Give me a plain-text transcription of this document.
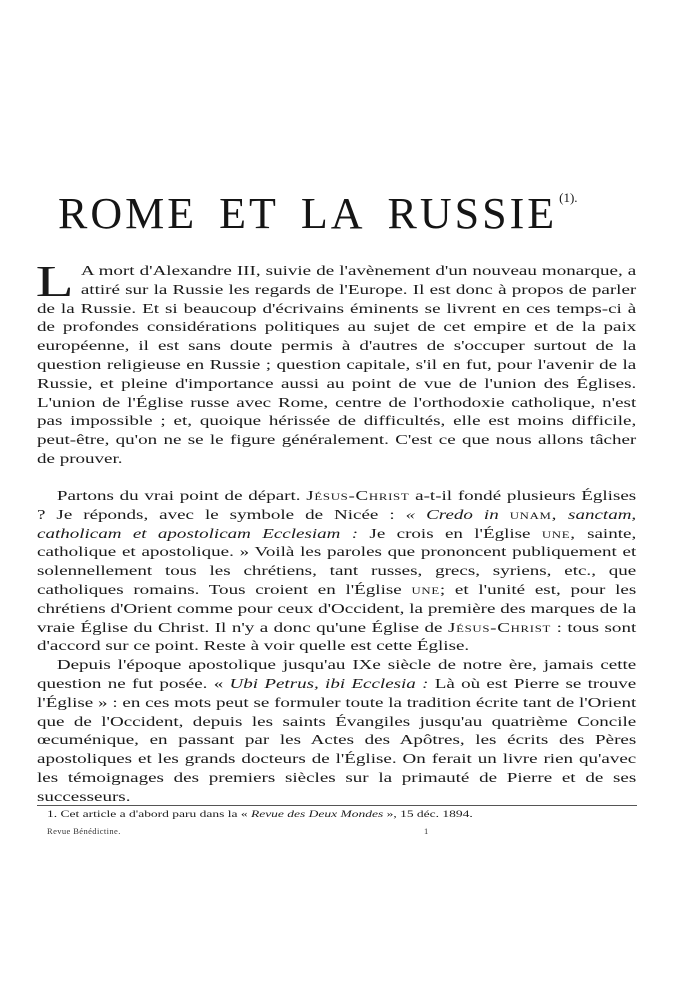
ROME ET LA RUSSIE $^{(1).}$

L A mort d'Alexandre III, suivie de l'avènement d'un nouveau monarque, a attiré sur la Russie les regards de l'Europe. Il est donc à propos de parler de la Russie. Et si beaucoup d'écrivains éminents se livrent en ces temps-ci à de profondes considérations politiques au sujet de cet empire et de la paix européenne, il est sans doute permis à d'autres de s'occuper surtout de la question religieuse en Russie ; question capitale, s'il en fut, pour l'avenir de la Russie, et pleine d'importance aussi au point de vue de l'union des Églises. L'union de l'Église russe avec Rome, centre de l'orthodoxie catholique, n'est pas impossible ; et, quoique hérissée de difficultés, elle est moins difficile, peut-être, qu'on ne se le figure généralement. C'est ce que nous allons tâcher de prouver.

Partons du vrai point de départ. Jésus-Christ a-t-il fondé plusieurs Églises ? Je réponds, avec le symbole de Nicée : « Credo in unam, sanctam, catholicam et apostolicam Ecclesiam : Je crois en l'Église une, sainte, catholique et apostolique. » Voilà les paroles que prononcent publiquement et solennellement tous les chrétiens, tant russes, grecs, syriens, etc., que catholiques romains. Tous croient en l'Église une; et l'unité est, pour les chrétiens d'Orient comme pour ceux d'Occident, la première des marques de la vraie Église du Christ. Il n'y a donc qu'une Église de Jésus-Christ : tous sont d'accord sur ce point. Reste à voir quelle est cette Église.

Depuis l'époque apostolique jusqu'au IXe siècle de notre ère, jamais cette question ne fut posée. « Ubi Petrus, ibi Ecclesia : Là où est Pierre se trouve l'Église » : en ces mots peut se formuler toute la tradition écrite tant de l'Orient que de l'Occident, depuis les saints Évangiles jusqu'au quatrième Concile œcuménique, en passant par les Actes des Apôtres, les écrits des Pères apostoliques et les grands docteurs de l'Église. On ferait un livre rien qu'avec les témoignages des premiers siècles sur la primauté de Pierre et de ses successeurs.

1. Cet article a d'abord paru dans la « Revue des Deux Mondes », 15 déc. 1894.
Revue Bénédictine.	1
